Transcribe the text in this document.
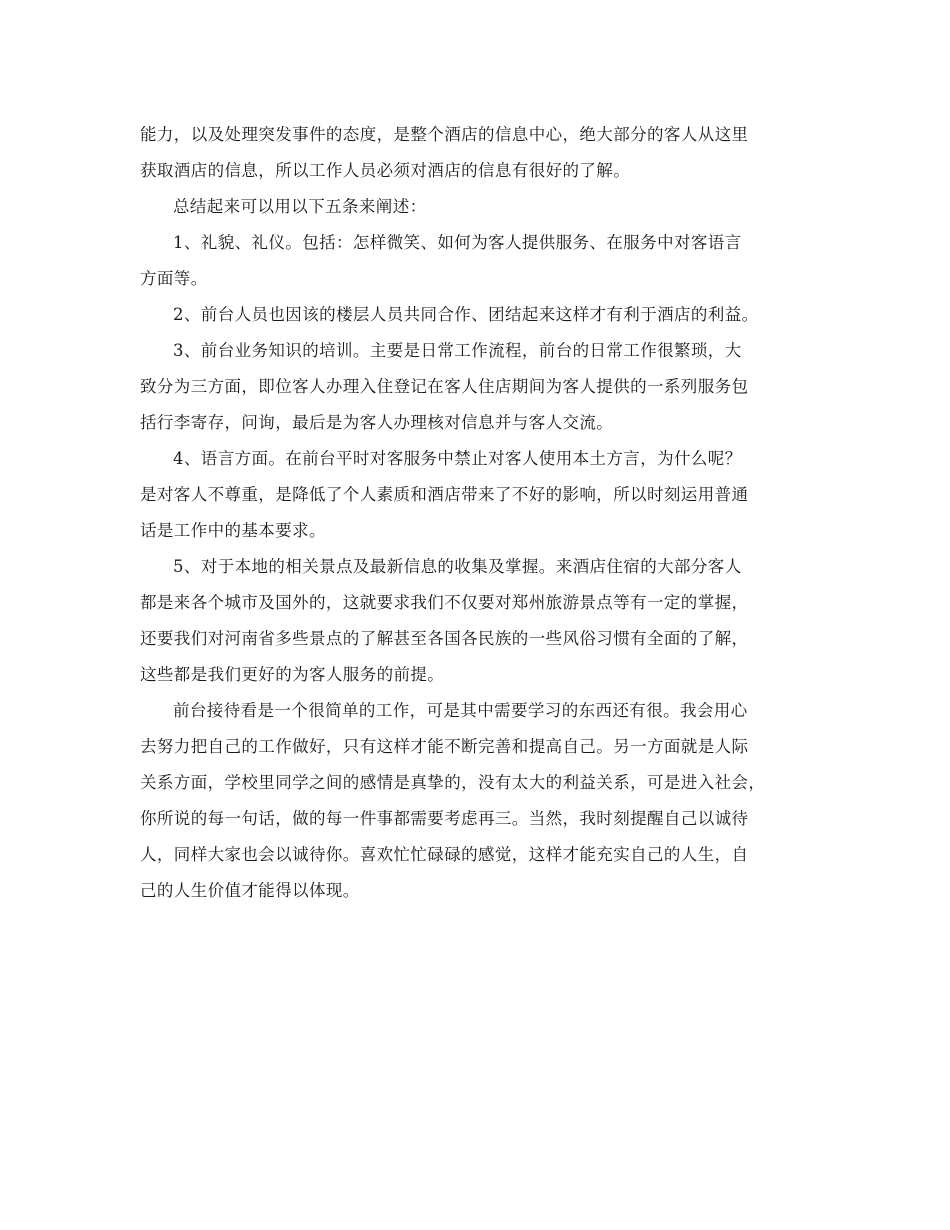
能力，以及处理突发事件的态度，是整个酒店的信息中心，绝大部分的客人从这里
获取酒店的信息，所以工作人员必须对酒店的信息有很好的了解。
总结起来可以用以下五条来阐述：
1、礼貌、礼仪。包括：怎样微笑、如何为客人提供服务、在服务中对客语言
方面等。
2、前台人员也因该的楼层人员共同合作、团结起来这样才有利于酒店的利益。
3、前台业务知识的培训。主要是日常工作流程，前台的日常工作很繁琐，大
致分为三方面，即位客人办理入住登记在客人住店期间为客人提供的一系列服务包
括行李寄存，问询，最后是为客人办理核对信息并与客人交流。
4、语言方面。在前台平时对客服务中禁止对客人使用本土方言，为什么呢？
是对客人不尊重，是降低了个人素质和酒店带来了不好的影响，所以时刻运用普通
话是工作中的基本要求。
5、对于本地的相关景点及最新信息的收集及掌握。来酒店住宿的大部分客人
都是来各个城市及国外的，这就要求我们不仅要对郑州旅游景点等有一定的掌握，
还要我们对河南省多些景点的了解甚至各国各民族的一些风俗习惯有全面的了解，
这些都是我们更好的为客人服务的前提。
前台接待看是一个很简单的工作，可是其中需要学习的东西还有很。我会用心
去努力把自己的工作做好，只有这样才能不断完善和提高自己。另一方面就是人际
关系方面，学校里同学之间的感情是真挚的，没有太大的利益关系，可是进入社会，
你所说的每一句话，做的每一件事都需要考虑再三。当然，我时刻提醒自己以诚待
人，同样大家也会以诚待你。喜欢忙忙碌碌的感觉，这样才能充实自己的人生，自
己的人生价值才能得以体现。
